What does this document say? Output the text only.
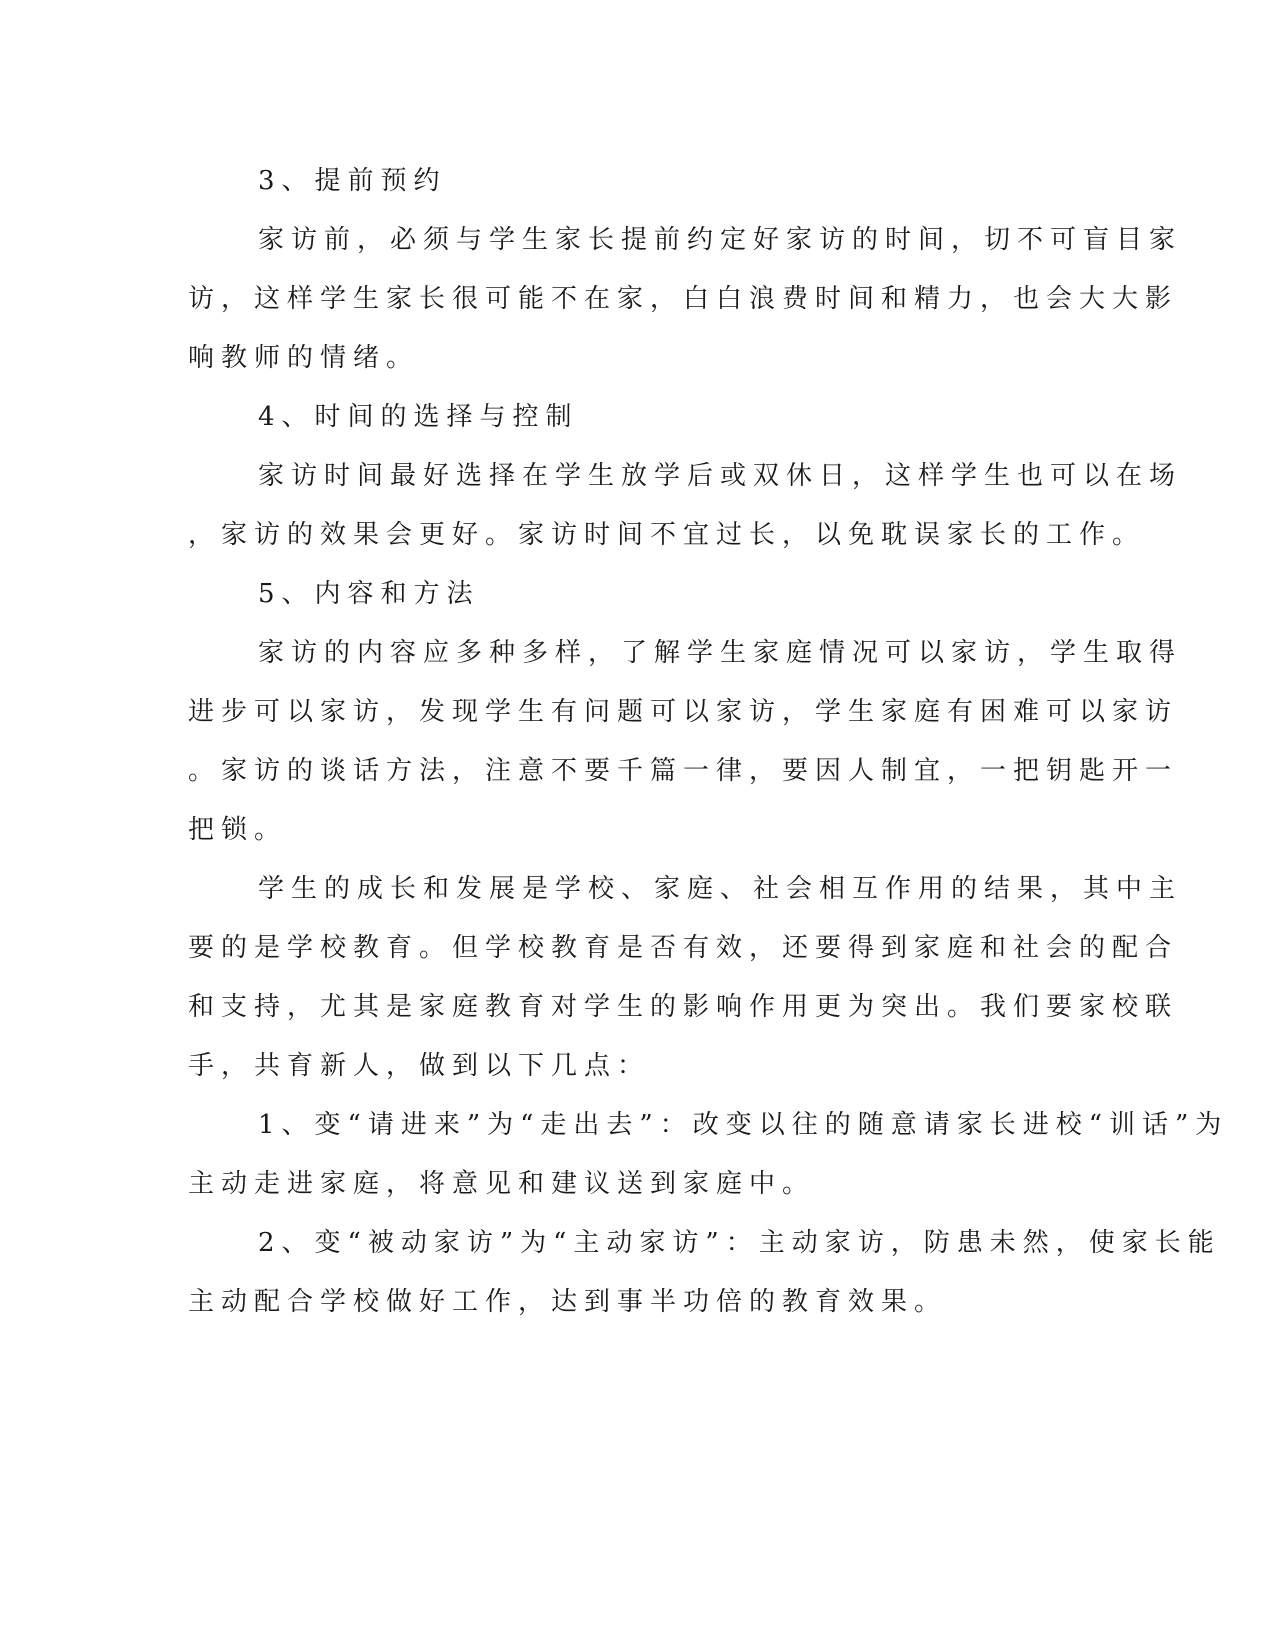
3、提前预约
家访前，必须与学生家长提前约定好家访的时间，切不可盲目家
访，这样学生家长很可能不在家，白白浪费时间和精力，也会大大影
响教师的情绪。
4、时间的选择与控制
家访时间最好选择在学生放学后或双休日，这样学生也可以在场
，家访的效果会更好。家访时间不宜过长，以免耽误家长的工作。
5、内容和方法
家访的内容应多种多样，了解学生家庭情况可以家访，学生取得
进步可以家访，发现学生有问题可以家访，学生家庭有困难可以家访
。家访的谈话方法，注意不要千篇一律，要因人制宜，一把钥匙开一
把锁。
学生的成长和发展是学校、家庭、社会相互作用的结果，其中主
要的是学校教育。但学校教育是否有效，还要得到家庭和社会的配合
和支持，尤其是家庭教育对学生的影响作用更为突出。我们要家校联
手，共育新人，做到以下几点：
1、变“请进来”为“走出去”：改变以往的随意请家长进校“训话”为
主动走进家庭，将意见和建议送到家庭中。
2、变“被动家访”为“主动家访”：主动家访，防患未然，使家长能
主动配合学校做好工作，达到事半功倍的教育效果。
